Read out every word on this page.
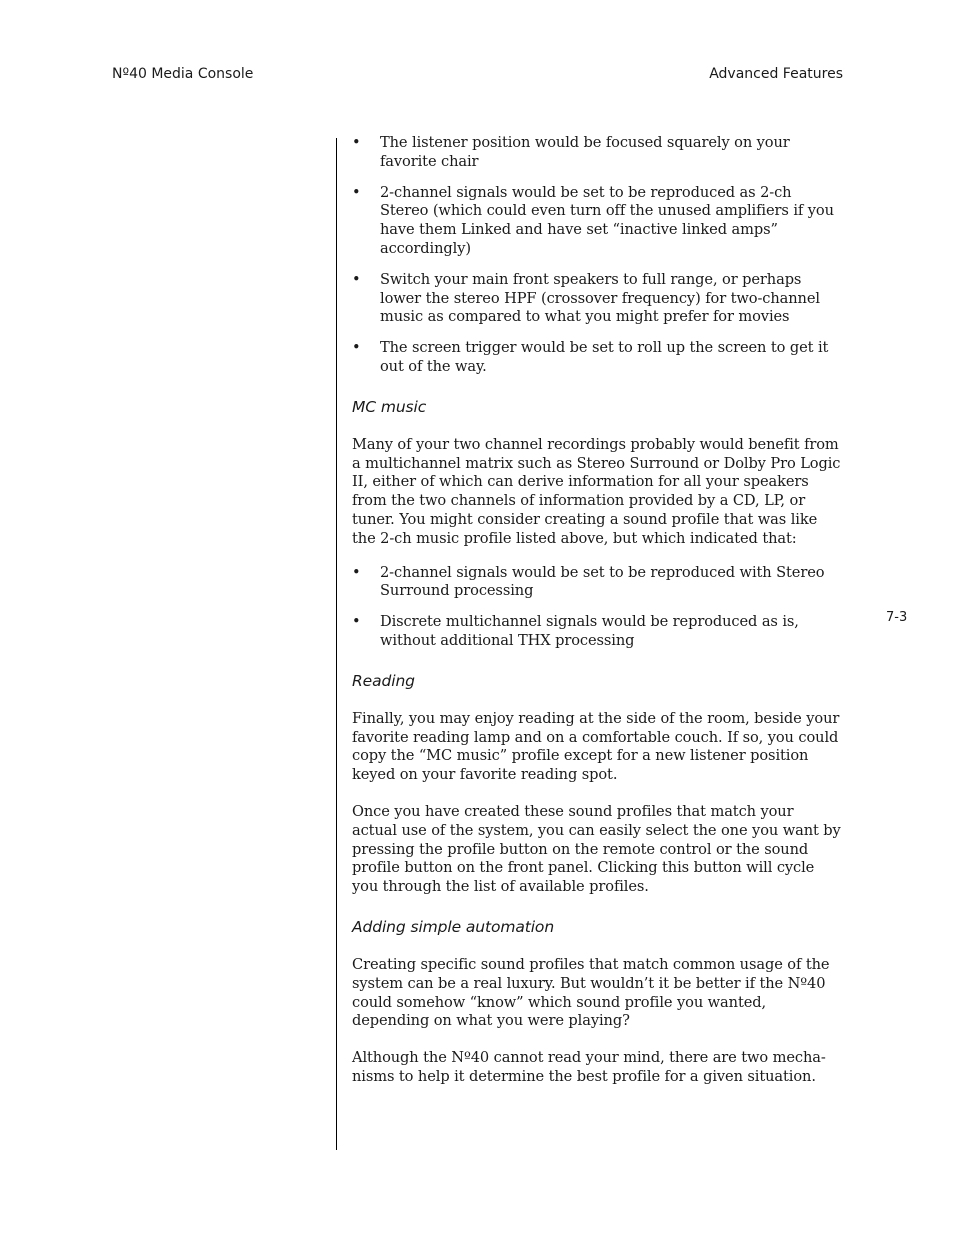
Nº40 Media Console	Advanced Features
7-3
• The listener position would be focused squarely on your favorite chair
• 2-channel signals would be set to be reproduced as 2-ch Stereo (which could even turn off the unused amplifiers if you have them Linked and have set “inactive linked amps” accordingly)
• Switch your main front speakers to full range, or perhaps lower the stereo HPF (crossover frequency) for two-channel music as compared to what you might prefer for movies
• The screen trigger would be set to roll up the screen to get it out of the way.
MC music

Many of your two channel recordings probably would benefit from a multichannel matrix such as Stereo Surround or Dolby Pro Logic II, either of which can derive information for all your speakers from the two channels of information provided by a CD, LP, or tuner. You might consider creating a sound profile that was like the 2-ch music profile listed above, but which indicated that:

• 2-channel signals would be set to be reproduced with Stereo Surround processing
• Discrete multichannel signals would be reproduced as is, without additional THX processing
Reading

Finally, you may enjoy reading at the side of the room, beside your favorite reading lamp and on a comfortable couch. If so, you could copy the “MC music” profile except for a new listener position keyed on your favorite reading spot.

Once you have created these sound profiles that match your actual use of the system, you can easily select the one you want by pressing the profile button on the remote control or the sound profile button on the front panel. Clicking this button will cycle you through the list of available profiles.

Adding simple automation

Creating specific sound profiles that match common usage of the system can be a real luxury. But wouldn’t it be better if the Nº40 could somehow “know” which sound profile you wanted, depending on what you were playing?

Although the Nº40 cannot read your mind, there are two mecha-nisms to help it determine the best profile for a given situation.
